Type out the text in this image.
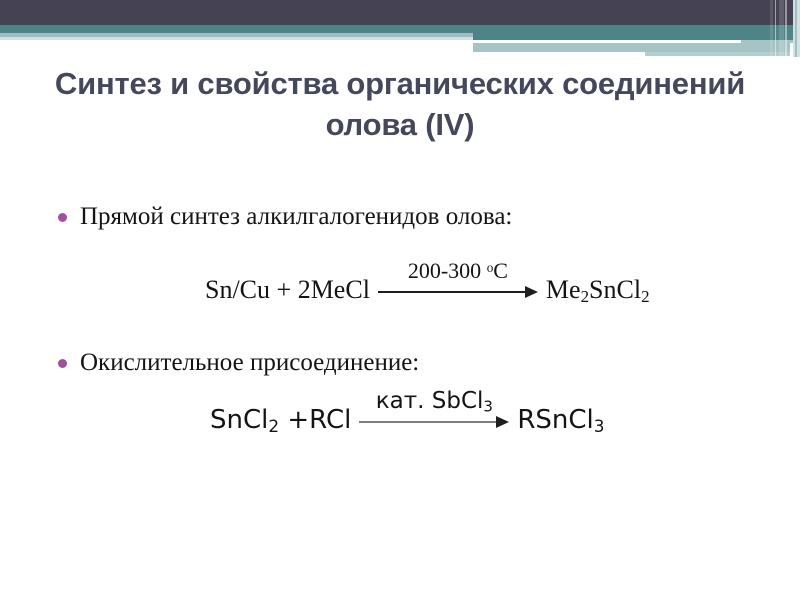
Синтез и свойства органических соединений олова (IV)
Прямой синтез алкилгалогенидов олова:
Sn/Cu + 2MeCl
200-300 $^o$C
$Me_2SnCl_2$
Окислительное присоединение:
SnCl$_2$ +RCl
кат. SbCl$_3$ RSnCl$_3$
